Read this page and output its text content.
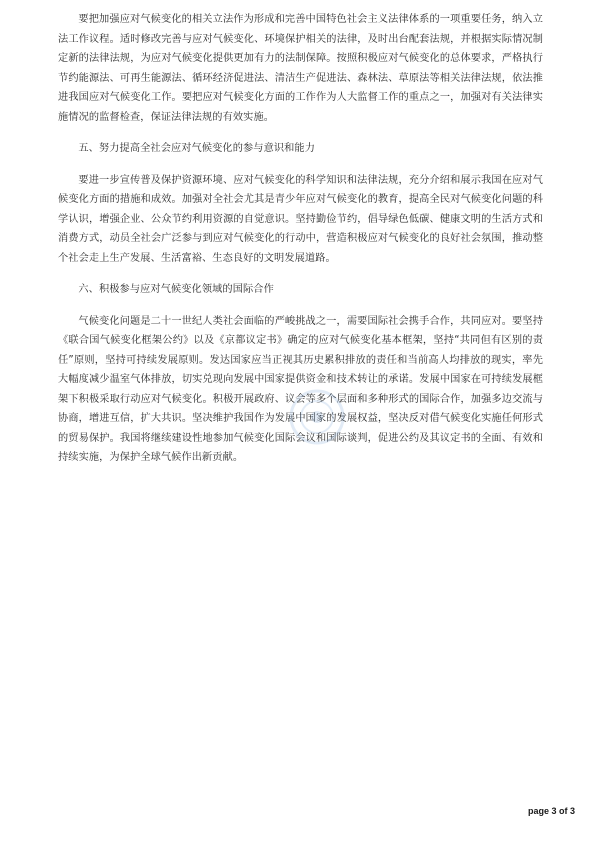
要把加强应对气候变化的相关立法作为形成和完善中国特色社会主义法律体系的一项重要任务，纳入立法工作议程。适时修改完善与应对气候变化、环境保护相关的法律，及时出台配套法规，并根据实际情况制定新的法律法规，为应对气候变化提供更加有力的法制保障。按照积极应对气候变化的总体要求，严格执行节约能源法、可再生能源法、循环经济促进法、清洁生产促进法、森林法、草原法等相关法律法规，依法推进我国应对气候变化工作。要把应对气候变化方面的工作作为人大监督工作的重点之一，加强对有关法律实施情况的监督检查，保证法律法规的有效实施。

五、努力提高全社会应对气候变化的参与意识和能力

要进一步宣传普及保护资源环境、应对气候变化的科学知识和法律法规，充分介绍和展示我国在应对气候变化方面的措施和成效。加强对全社会尤其是青少年应对气候变化的教育，提高全民对气候变化问题的科学认识，增强企业、公众节约利用资源的自觉意识。坚持勤俭节约，倡导绿色低碳、健康文明的生活方式和消费方式，动员全社会广泛参与到应对气候变化的行动中，营造积极应对气候变化的良好社会氛围，推动整个社会走上生产发展、生活富裕、生态良好的文明发展道路。

六、积极参与应对气候变化领域的国际合作

气候变化问题是二十一世纪人类社会面临的严峻挑战之一，需要国际社会携手合作，共同应对。要坚持《联合国气候变化框架公约》以及《京都议定书》确定的应对气候变化基本框架，坚持“共同但有区别的责任”原则，坚持可持续发展原则。发达国家应当正视其历史累积排放的责任和当前高人均排放的现实，率先大幅度减少温室气体排放，切实兑现向发展中国家提供资金和技术转让的承诺。发展中国家在可持续发展框架下积极采取行动应对气候变化。积极开展政府、议会等多个层面和多种形式的国际合作，加强多边交流与协商，增进互信，扩大共识。坚决维护我国作为发展中国家的发展权益，坚决反对借气候变化实施任何形式的贸易保护。我国将继续建设性地参加气候变化国际会议和国际谈判，促进公约及其议定书的全面、有效和持续实施，为保护全球气候作出新贡献。

page 3 of 3
